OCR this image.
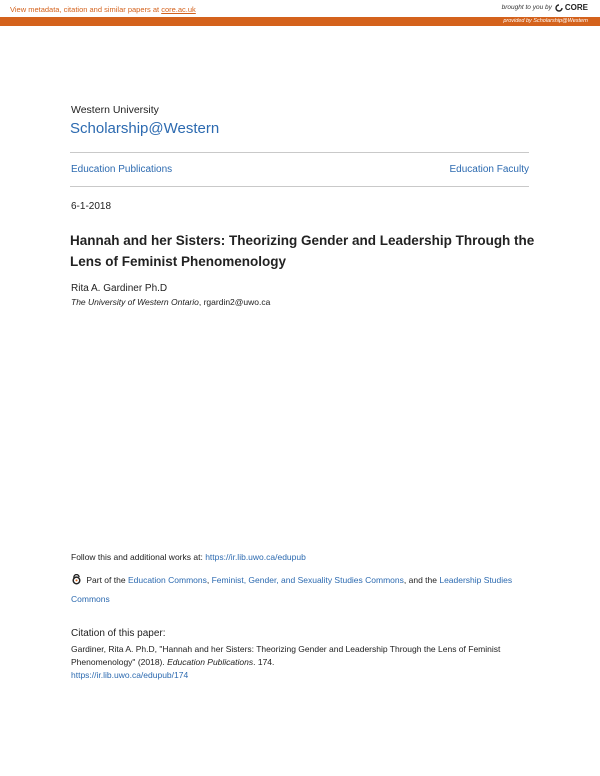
View metadata, citation and similar papers at core.ac.uk	brought to you by CORE
provided by Scholarship@Western
Western University
Scholarship@Western
Education Publications	Education Faculty
6-1-2018
Hannah and her Sisters: Theorizing Gender and Leadership Through the Lens of Feminist Phenomenology
Rita A. Gardiner Ph.D
The University of Western Ontario, rgardin2@uwo.ca
Follow this and additional works at: https://ir.lib.uwo.ca/edupub
Part of the Education Commons, Feminist, Gender, and Sexuality Studies Commons, and the Leadership Studies Commons
Citation of this paper:
Gardiner, Rita A. Ph.D, "Hannah and her Sisters: Theorizing Gender and Leadership Through the Lens of Feminist Phenomenology" (2018). Education Publications. 174.
https://ir.lib.uwo.ca/edupub/174
